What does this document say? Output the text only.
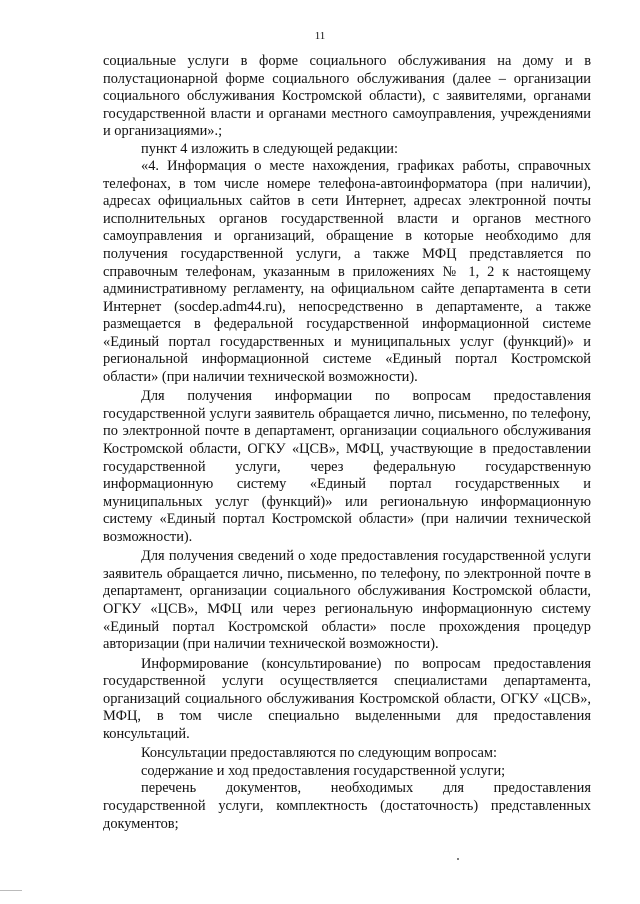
11

социальные услуги в форме социального обслуживания на дому и в полустационарной форме социального обслуживания (далее – организации социального обслуживания Костромской области), с заявителями, органами государственной власти и органами местного самоуправления, учреждениями и организациями».;

пункт 4 изложить в следующей редакции:

«4. Информация о месте нахождения, графиках работы, справочных телефонах, в том числе номере телефона-автоинформатора (при наличии), адресах официальных сайтов в сети Интернет, адресах электронной почты исполнительных органов государственной власти и органов местного самоуправления и организаций, обращение в которые необходимо для получения государственной услуги, а также МФЦ представляется по справочным телефонам, указанным в приложениях № 1, 2 к настоящему административному регламенту, на официальном сайте департамента в сети Интернет (socdep.adm44.ru), непосредственно в департаменте, а также размещается в федеральной государственной информационной системе «Единый портал государственных и муниципальных услуг (функций)» и региональной информационной системе «Единый портал Костромской области» (при наличии технической возможности).

Для получения информации по вопросам предоставления государственной услуги заявитель обращается лично, письменно, по телефону, по электронной почте в департамент, организации социального обслуживания Костромской области, ОГКУ «ЦСВ», МФЦ, участвующие в предоставлении государственной услуги, через федеральную государственную информационную систему «Единый портал государственных и муниципальных услуг (функций)» или региональную информационную систему «Единый портал Костромской области» (при наличии технической возможности).

Для получения сведений о ходе предоставления государственной услуги заявитель обращается лично, письменно, по телефону, по электронной почте в департамент, организации социального обслуживания Костромской области, ОГКУ «ЦСВ», МФЦ или через региональную информационную систему «Единый портал Костромской области» после прохождения процедур авторизации (при наличии технической возможности).

Информирование (консультирование) по вопросам предоставления государственной услуги осуществляется специалистами департамента, организаций социального обслуживания Костромской области, ОГКУ «ЦСВ», МФЦ, в том числе специально выделенными для предоставления консультаций.

Консультации предоставляются по следующим вопросам:

содержание и ход предоставления государственной услуги;

перечень документов, необходимых для предоставления государственной услуги, комплектность (достаточность) представленных документов;
